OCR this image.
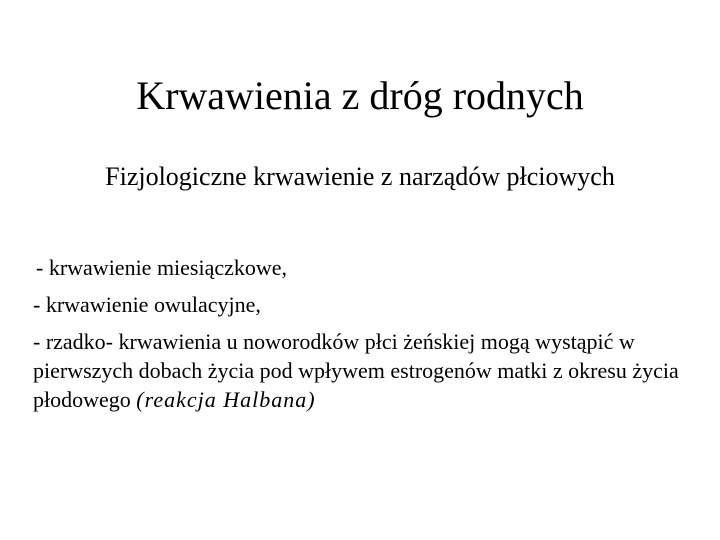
Krwawienia z dróg rodnych
Fizjologiczne krwawienie z narządów płciowych
- krwawienie miesiączkowe,
- krwawienie owulacyjne,
- rzadko- krwawienia u noworodków płci żeńskiej mogą wystąpić w pierwszych dobach życia pod wpływem estrogenów matki z okresu życia płodowego (reakcja Halbana)
